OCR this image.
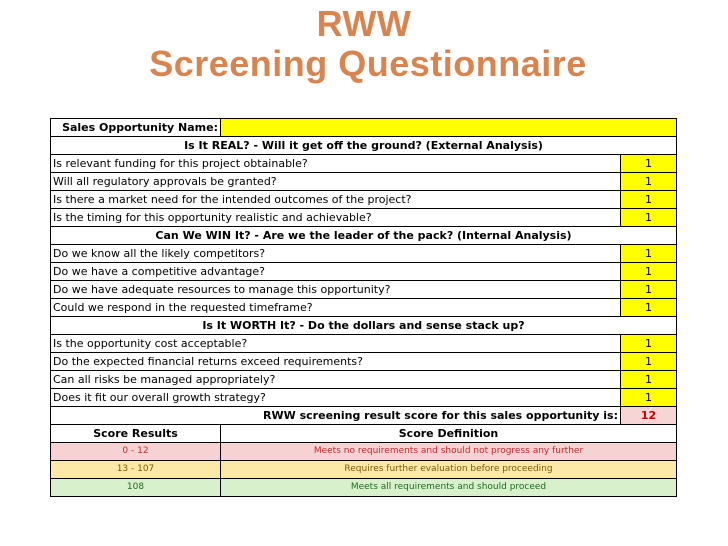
RWW
Screening Questionnaire
Sales Opportunity Name:		
Is It REAL? - Will it get off the ground? (External Analysis)		
Is relevant funding for this project obtainable?		1
Will all regulatory approvals be granted?		1
Is there a market need for the intended outcomes of the project?		1
Is the timing for this opportunity realistic and achievable?		1
Can We WIN It? - Are we the leader of the pack? (Internal Analysis)		
Do we know all the likely competitors?		1
Do we have a competitive advantage?		1
Do we have adequate resources to manage this opportunity?		1
Could we respond in the requested timeframe?		1
Is It WORTH It? - Do the dollars and sense stack up?		
Is the opportunity cost acceptable?		1
Do the expected financial returns exceed requirements?		1
Can all risks be managed appropriately?		1
Does it fit our overall growth strategy?		1
RWW screening result score for this sales opportunity is:		12
Score Results	Score Definition	
0 - 12	Meets no requirements and should not progress any further	
13 - 107	Requires further evaluation before proceeding	
108	Meets all requirements and should proceed	
